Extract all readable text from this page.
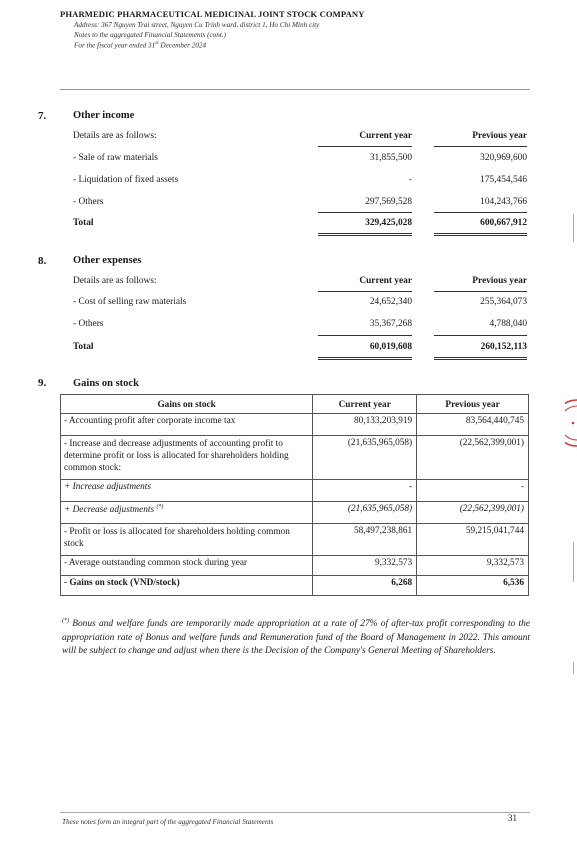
PHARMEDIC PHARMACEUTICAL MEDICINAL JOINT STOCK COMPANY
Address: 367 Nguyen Trai street, Nguyen Cu Trinh ward, district 1, Ho Chi Minh city
Notes to the aggregated Financial Statements (cont.)
For the fiscal year ended 31st December 2024
7.	Other income
Details are as follows:	Current year	Previous year
- Sale of raw materials	31,855,500	320,969,600
- Liquidation of fixed assets	-	175,454,546
- Others	297,569,528	104,243,766
Total	329,425,028	600,667,912
8.	Other expenses
Details are as follows:	Current year	Previous year
- Cost of selling raw materials	24,652,340	255,364,073
- Others	35,367,268	4,788,040
Total	60,019,608	260,152,113
9.	Gains on stock
Gains on stock	Current year	Previous year
- Accounting profit after corporate income tax	80,133,203,919	83,564,440,745
- Increase and decrease adjustments of accounting profit to determine profit or loss is allocated for shareholders holding common stock:	(21,635,965,058)	(22,562,399,001)
+ Increase adjustments	-	-
+ Decrease adjustments (*)	(21,635,965,058)	(22,562,399,001)
- Profit or loss is allocated for shareholders holding common stock	58,497,238,861	59,215,041,744
- Average outstanding common stock during year	9,332,573	9,332,573
- Gains on stock (VND/stock)	6,268	6,536
(*) Bonus and welfare funds are temporarily made appropriation at a rate of 27% of after-tax profit corresponding to the appropriation rate of Bonus and welfare funds and Remuneration fund of the Board of Management in 2022. This amount will be subject to change and adjust when there is the Decision of the Company's General Meeting of Shareholders.
These notes form an integral part of the aggregated Financial Statements	31
